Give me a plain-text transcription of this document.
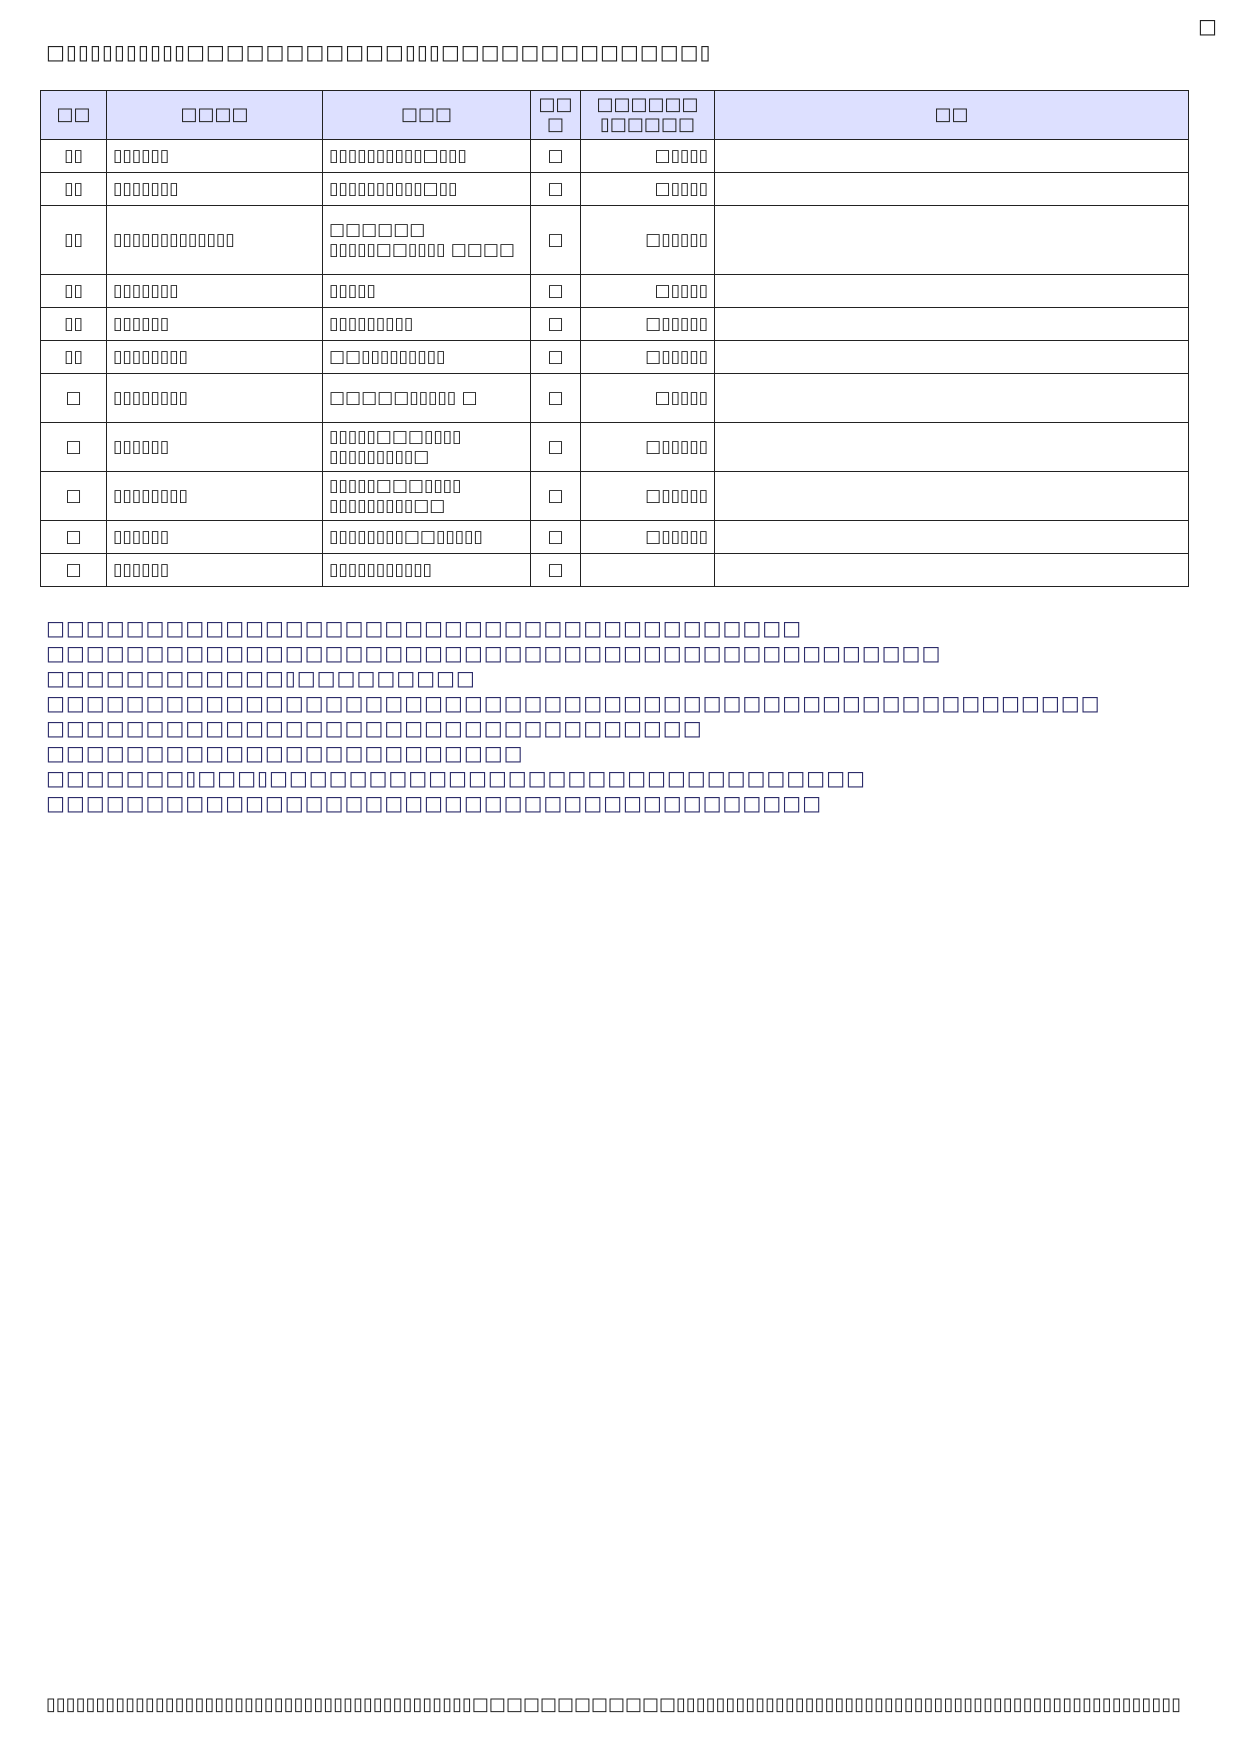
□
□▯▯▯▯▯▯▯▯▯▯□□□□□□□□□□□▯▯▯□□□□□□□□□□□□□▯
□□	□□□□	□□□	□□ □	□□□□□□ ▯□□□□□	□□
▯▯	▯▯▯▯▯▯	▯▯▯▯▯▯▯▯▯▯□▯▯▯	□	□▯▯▯▯	
▯▯	▯▯▯▯▯▯▯	▯▯▯▯▯▯▯▯▯▯□▯▯	□	□▯▯▯▯	
▯▯	▯▯▯▯▯▯▯▯▯▯▯▯▯	□□□□□□ ▯▯▯▯▯□□▯▯▯▯ □□□□	□	□▯▯▯▯▯	
▯▯	▯▯▯▯▯▯▯	▯▯▯▯▯	□	□▯▯▯▯	
▯▯	▯▯▯▯▯▯	▯▯▯▯▯▯▯▯▯	□	□▯▯▯▯▯	
▯▯	▯▯▯▯▯▯▯▯	□□▯▯▯▯▯▯▯▯▯	□	□▯▯▯▯▯	
□	▯▯▯▯▯▯▯▯	□□□□□▯▯▯▯▯ □	□	□▯▯▯▯	
□	▯▯▯▯▯▯	▯▯▯▯▯□□□▯▯▯▯ ▯▯▯▯▯▯▯▯▯□	□	□▯▯▯▯▯	
□	▯▯▯▯▯▯▯▯	▯▯▯▯▯□□□▯▯▯▯ ▯▯▯▯▯▯▯▯▯□□	□	□▯▯▯▯▯	
□	▯▯▯▯▯▯	▯▯▯▯▯▯▯▯□□▯▯▯▯▯	□	□▯▯▯▯▯	
□	▯▯▯▯▯▯	▯▯▯▯▯▯▯▯▯▯▯	□		
□□□□□□□□□□□□□□□□□□□□□□□□□□□□□□□□□□□□□□
□□□□□□□□□□□□□□□□□□□□□□□□□□□□□□□□□□□□□□□□□□□□□
□□□□□□□□□□□□▯□□□□□□□□□
□□□□□□□□□□□□□□□□□□□□□□□□□□□□□□□□□□□□□□□□□□□□□□□□□□□□□
□□□□□□□□□□□□□□□□□□□□□□□□□□□□□□□□□
□□□□□□□□□□□□□□□□□□□□□□□□
□□□□□□□▯□□□▯□□□□□□□□□□□□□□□□□□□□□□□□□□□□□□
□□□□□□□□□□□□□□□□□□□□□□□□□□□□□□□□□□□□□□□
▯▯▯▯▯▯▯▯▯▯▯▯▯▯▯▯▯▯▯▯▯▯▯▯▯▯▯▯▯▯▯▯▯▯▯▯▯▯▯▯▯▯▯□□□□□□□□□□□□▯▯▯▯▯▯▯▯▯▯▯▯▯▯▯▯▯▯▯▯▯▯▯▯▯▯▯▯▯▯▯▯▯▯▯▯▯▯▯▯▯▯▯▯▯▯▯▯▯▯▯
